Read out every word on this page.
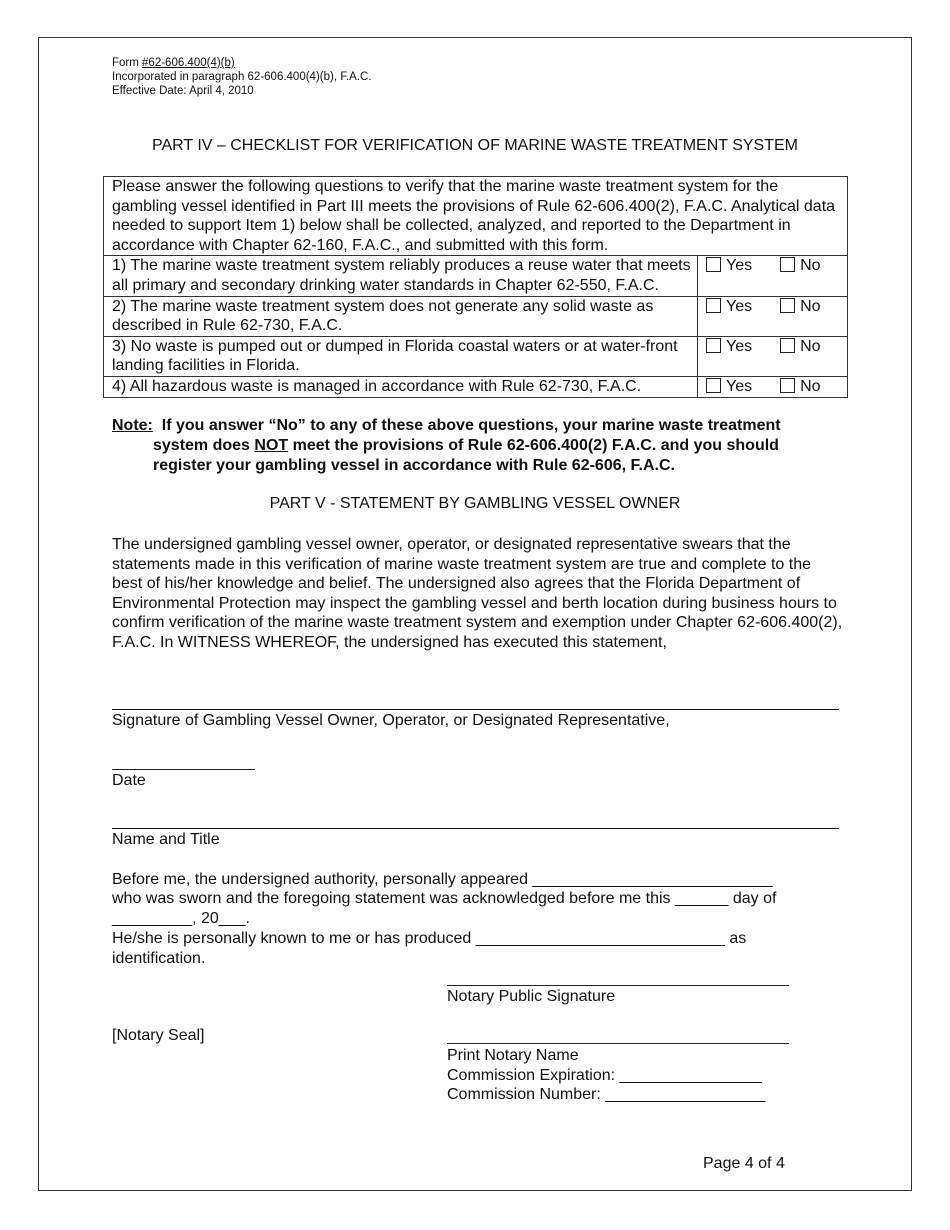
Form #62-606.400(4)(b)
Incorporated in paragraph 62-606.400(4)(b), F.A.C.
Effective Date: April 4, 2010
PART IV – CHECKLIST FOR VERIFICATION OF MARINE WASTE TREATMENT SYSTEM
Please answer the following questions to verify that the marine waste treatment system for the gambling vessel identified in Part III meets the provisions of Rule 62-606.400(2), F.A.C. Analytical data needed to support Item 1) below shall be collected, analyzed, and reported to the Department in accordance with Chapter 62-160, F.A.C., and submitted with this form.	
1) The marine waste treatment system reliably produces a reuse water that meets all primary and secondary drinking water standards in Chapter 62-550, F.A.C.	Yes No
2) The marine waste treatment system does not generate any solid waste as described in Rule 62-730, F.A.C.	Yes No
3) No waste is pumped out or dumped in Florida coastal waters or at water-front landing facilities in Florida.	Yes No
4) All hazardous waste is managed in accordance with Rule 62-730, F.A.C.	Yes No
Note: If you answer “No” to any of these above questions, your marine waste treatment
system does NOT meet the provisions of Rule 62-606.400(2) F.A.C. and you should
register your gambling vessel in accordance with Rule 62-606, F.A.C.
PART V - STATEMENT BY GAMBLING VESSEL OWNER
The undersigned gambling vessel owner, operator, or designated representative swears that the statements made in this verification of marine waste treatment system are true and complete to the best of his/her knowledge and belief. The undersigned also agrees that the Florida Department of Environmental Protection may inspect the gambling vessel and berth location during business hours to confirm verification of the marine waste treatment system and exemption under Chapter 62-606.400(2), F.A.C. In WITNESS WHEREOF, the undersigned has executed this statement,
Signature of Gambling Vessel Owner, Operator, or Designated Representative,
Date
Name and Title
Before me, the undersigned authority, personally appeared ___________________________
who was sworn and the foregoing statement was acknowledged before me this ______ day of
_________, 20___.
He/she is personally known to me or has produced ____________________________ as
identification.
Notary Public Signature
[Notary Seal]
Print Notary Name
Commission Expiration: ________________
Commission Number: __________________
Page 4 of 4
